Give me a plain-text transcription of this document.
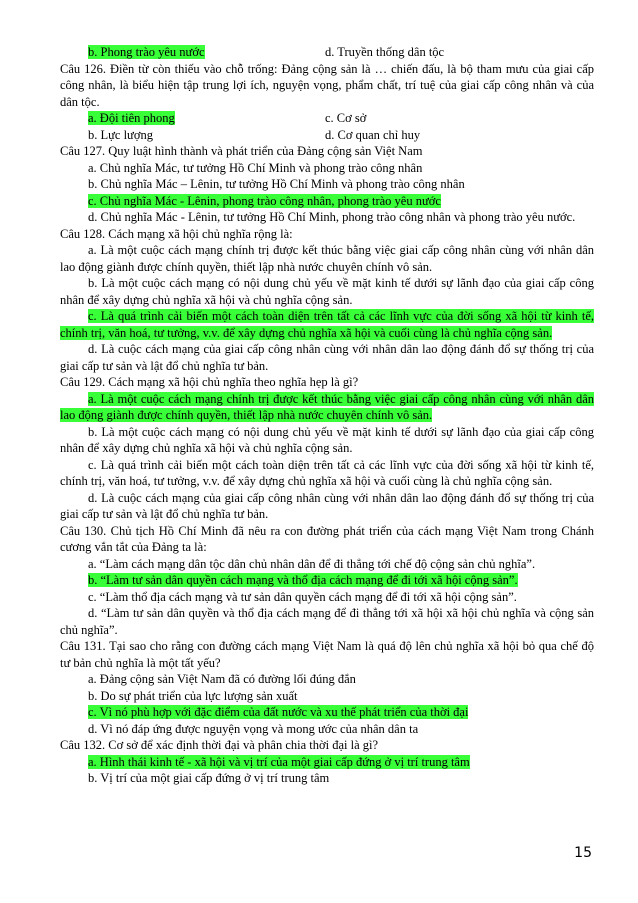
b. Phong trào yêu nước	d. Truyền thống dân tộc

Câu 126. Điền từ còn thiếu vào chỗ trống: Đảng cộng sản là … chiến đấu, là bộ tham mưu của giai cấp công nhân, là biểu hiện tập trung lợi ích, nguyện vọng, phẩm chất, trí tuệ của giai cấp công nhân và của dân tộc.

a. Đội tiên phong	c. Cơ sở
b. Lực lượng	d. Cơ quan chỉ huy

Câu 127. Quy luật hình thành và phát triển của Đảng cộng sản Việt Nam

a. Chủ nghĩa Mác, tư tưởng Hồ Chí Minh và phong trào công nhân

b. Chủ nghĩa Mác – Lênin, tư tưởng Hồ Chí Minh và phong trào công nhân

c. Chủ nghĩa Mác - Lênin, phong trào công nhân, phong trào yêu nước

d. Chủ nghĩa Mác - Lênin, tư tưởng Hồ Chí Minh, phong trào công nhân và phong trào yêu nước.

Câu 128. Cách mạng xã hội chủ nghĩa rộng là:

a. Là một cuộc cách mạng chính trị được kết thúc bằng việc giai cấp công nhân cùng với nhân dân lao động giành được chính quyền, thiết lập nhà nước chuyên chính vô sản.

b. Là một cuộc cách mạng có nội dung chủ yếu về mặt kinh tế dưới sự lãnh đạo của giai cấp công nhân để xây dựng chủ nghĩa xã hội và chủ nghĩa cộng sản.

c. Là quá trình cải biến một cách toàn diện trên tất cả các lĩnh vực của đời sống xã hội từ kinh tế, chính trị, văn hoá, tư tưởng, v.v. để xây dựng chủ nghĩa xã hội và cuối cùng là chủ nghĩa cộng sản.

d. Là cuộc cách mạng của giai cấp công nhân cùng với nhân dân lao động đánh đổ sự thống trị của giai cấp tư sản và lật đổ chủ nghĩa tư bản.

Câu 129. Cách mạng xã hội chủ nghĩa theo nghĩa hẹp là gì?

a. Là một cuộc cách mạng chính trị được kết thúc bằng việc giai cấp công nhân cùng với nhân dân lao động giành được chính quyền, thiết lập nhà nước chuyên chính vô sản.

b. Là một cuộc cách mạng có nội dung chủ yếu về mặt kinh tế dưới sự lãnh đạo của giai cấp công nhân để xây dựng chủ nghĩa xã hội và chủ nghĩa cộng sản.

c. Là quá trình cải biến một cách toàn diện trên tất cả các lĩnh vực của đời sống xã hội từ kinh tế, chính trị, văn hoá, tư tưởng, v.v. để xây dựng chủ nghĩa xã hội và cuối cùng là chủ nghĩa cộng sản.

d. Là cuộc cách mạng của giai cấp công nhân cùng với nhân dân lao động đánh đổ sự thống trị của giai cấp tư sản và lật đổ chủ nghĩa tư bản.

Câu 130. Chủ tịch Hồ Chí Minh đã nêu ra con đường phát triển của cách mạng Việt Nam trong Chánh cương vắn tắt của Đảng ta là:

a. “Làm cách mạng dân tộc dân chủ nhân dân để đi thẳng tới chế độ cộng sản chủ nghĩa”.

b. “Làm tư sản dân quyền cách mạng và thổ địa cách mạng để đi tới xã hội cộng sản”.

c. “Làm thổ địa cách mạng và tư sản dân quyền cách mạng để đi tới xã hội cộng sản”.

d. “Làm tư sản dân quyền và thổ địa cách mạng để đi thẳng tới xã hội xã hội chủ nghĩa và cộng sản chủ nghĩa”.

Câu 131. Tại sao cho rằng con đường cách mạng Việt Nam là quá độ lên chủ nghĩa xã hội bỏ qua chế độ tư bản chủ nghĩa là một tất yếu?

a. Đảng cộng sản Việt Nam đã có đường lối đúng đắn

b. Do sự phát triển của lực lượng sản xuất

c. Vì nó phù hợp với đặc điểm của đất nước và xu thế phát triển của thời đại

d. Vì nó đáp ứng được nguyện vọng và mong ước của nhân dân ta

Câu 132. Cơ sở để xác định thời đại và phân chia thời đại là gì?

a. Hình thái kinh tế - xã hội và vị trí của một giai cấp đứng ở vị trí trung tâm

b. Vị trí của một giai cấp đứng ở vị trí trung tâm

15
